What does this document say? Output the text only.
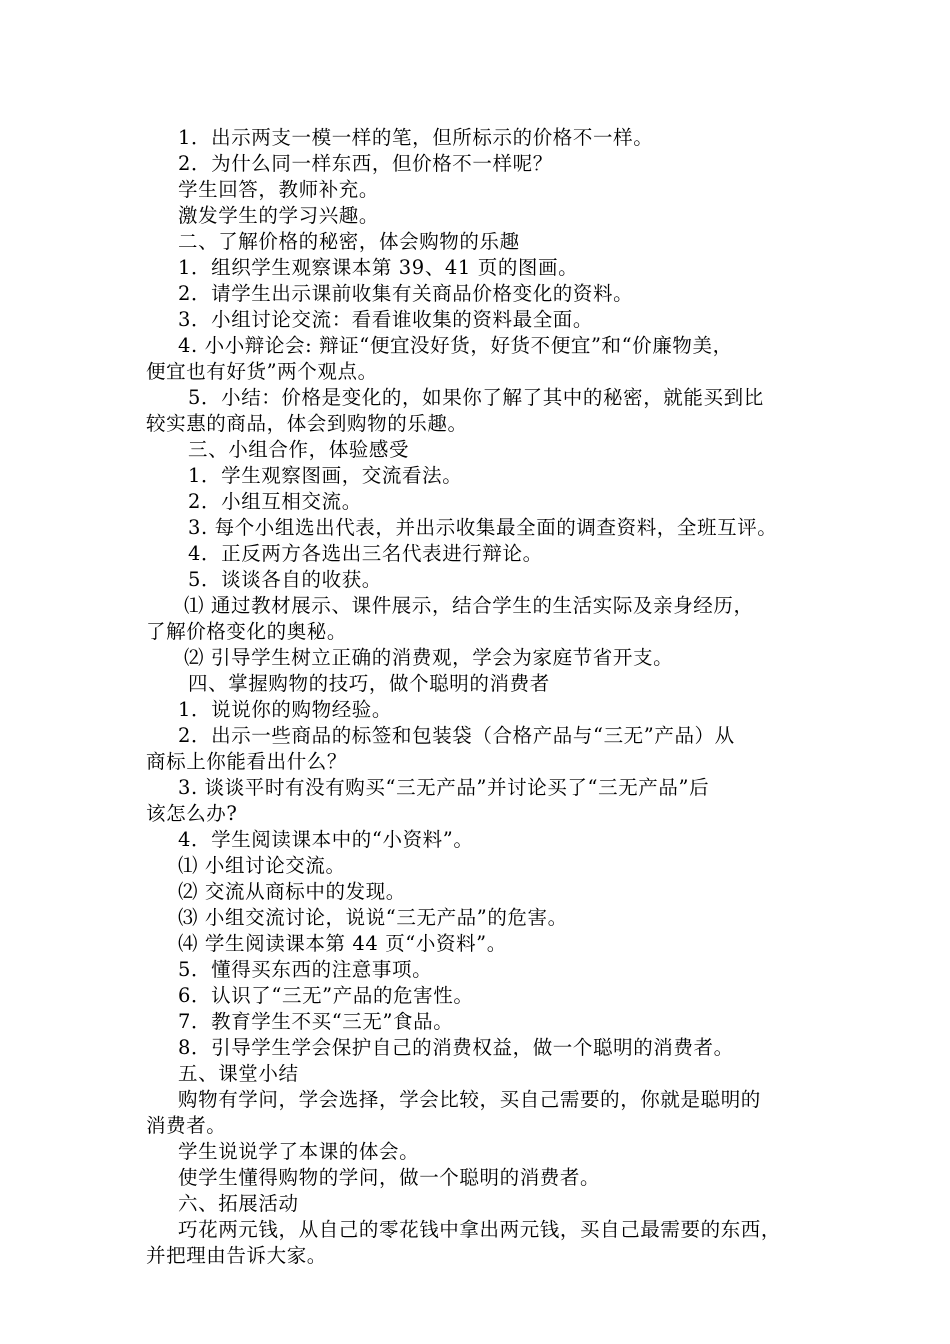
1．出示两支一模一样的笔，但所标示的价格不一样。
2．为什么同一样东西，但价格不一样呢？
学生回答，教师补充。
激发学生的学习兴趣。
二、了解价格的秘密，体会购物的乐趣
1．组织学生观察课本第 39、41 页的图画。
2．请学生出示课前收集有关商品价格变化的资料。
3．小组讨论交流：看看谁收集的资料最全面。
4. 小小辩论会: 辩证“便宜没好货，好货不便宜”和“价廉物美，
便宜也有好货”两个观点。
5．小结：价格是变化的，如果你了解了其中的秘密，就能买到比
较实惠的商品，体会到购物的乐趣。
三、小组合作，体验感受
1．学生观察图画，交流看法。
2．小组互相交流。
3. 每个小组选出代表，并出示收集最全面的调查资料，全班互评。
4．正反两方各选出三名代表进行辩论。
5．谈谈各自的收获。
⑴ 通过教材展示、课件展示，结合学生的生活实际及亲身经历，
了解价格变化的奥秘。
⑵ 引导学生树立正确的消费观，学会为家庭节省开支。
四、掌握购物的技巧，做个聪明的消费者
1．说说你的购物经验。
2．出示一些商品的标签和包装袋（合格产品与“三无”产品）从
商标上你能看出什么？
3. 谈谈平时有没有购买“三无产品”并讨论买了“三无产品”后
该怎么办?
4．学生阅读课本中的“小资料”。
⑴ 小组讨论交流。
⑵ 交流从商标中的发现。
⑶ 小组交流讨论，说说“三无产品”的危害。
⑷ 学生阅读课本第 44 页“小资料”。
5．懂得买东西的注意事项。
6．认识了“三无”产品的危害性。
7．教育学生不买“三无”食品。
8．引导学生学会保护自己的消费权益，做一个聪明的消费者。
五、课堂小结
购物有学问，学会选择，学会比较，买自己需要的，你就是聪明的
消费者。
学生说说学了本课的体会。
使学生懂得购物的学问，做一个聪明的消费者。
六、拓展活动
巧花两元钱，从自己的零花钱中拿出两元钱，买自己最需要的东西，
并把理由告诉大家。
